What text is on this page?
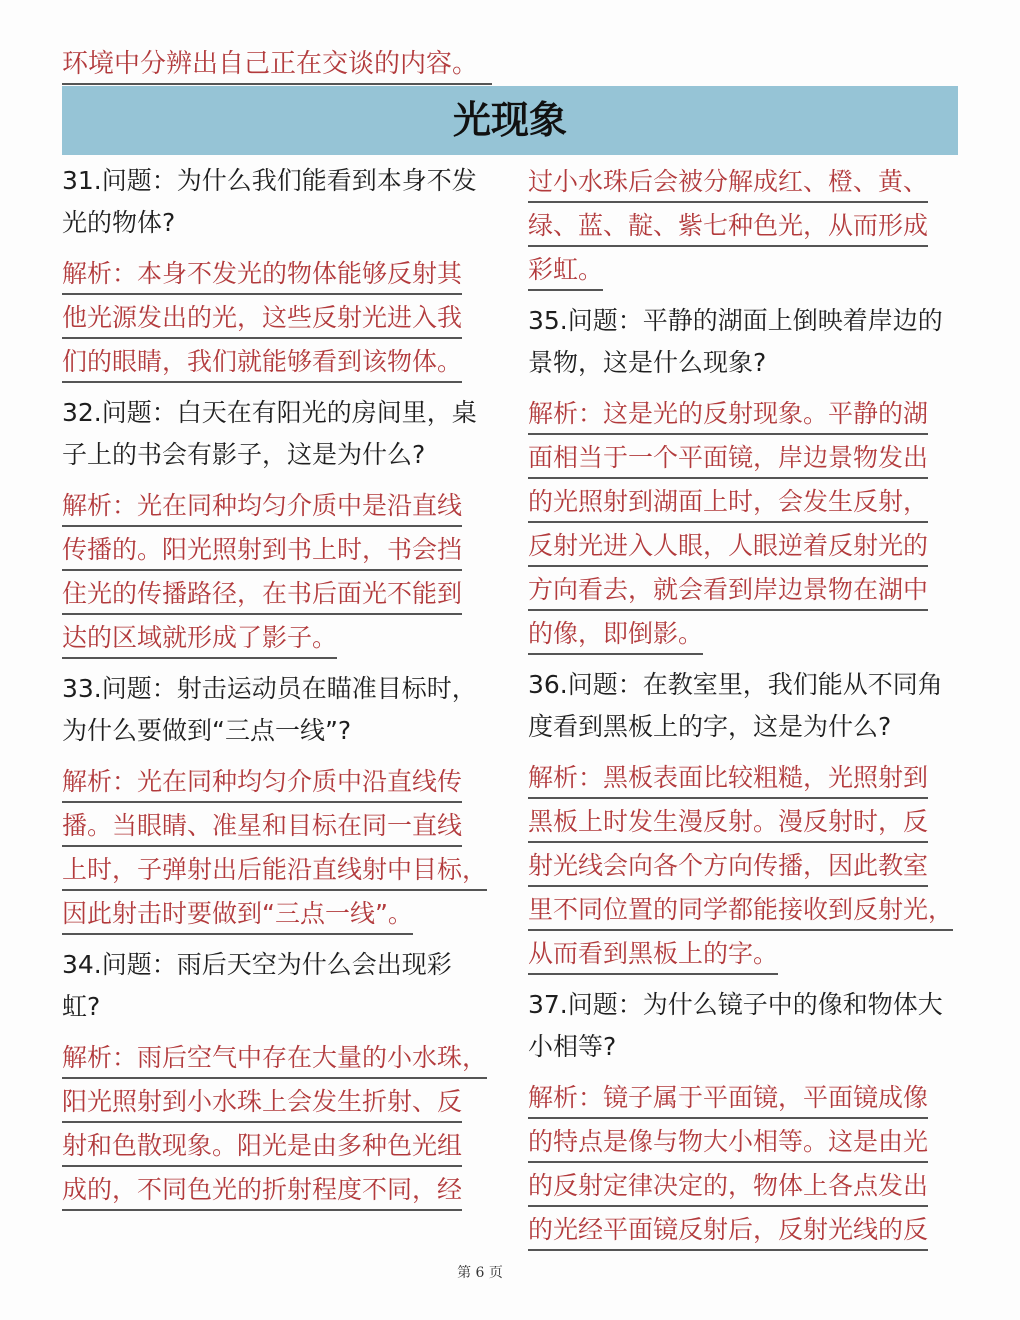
环境中分辨出自己正在交谈的内容。
光现象
31.问题：为什么我们能看到本身不发
光的物体?
解析：本身不发光的物体能够反射其
他光源发出的光，这些反射光进入我
们的眼睛，我们就能够看到该物体。
32.问题：白天在有阳光的房间里，桌
子上的书会有影子，这是为什么?
解析：光在同种均匀介质中是沿直线
传播的。阳光照射到书上时，书会挡
住光的传播路径，在书后面光不能到
达的区域就形成了影子。
33.问题：射击运动员在瞄准目标时，
为什么要做到“三点一线”?
解析：光在同种均匀介质中沿直线传
播。当眼睛、准星和目标在同一直线
上时，子弹射出后能沿直线射中目标，
因此射击时要做到“三点一线”。
34.问题：雨后天空为什么会出现彩
虹?
解析：雨后空气中存在大量的小水珠，
阳光照射到小水珠上会发生折射、反
射和色散现象。阳光是由多种色光组
成的，不同色光的折射程度不同，经
过小水珠后会被分解成红、橙、黄、
绿、蓝、靛、紫七种色光，从而形成
彩虹。
35.问题：平静的湖面上倒映着岸边的
景物，这是什么现象?
解析：这是光的反射现象。平静的湖
面相当于一个平面镜，岸边景物发出
的光照射到湖面上时，会发生反射，
反射光进入人眼，人眼逆着反射光的
方向看去，就会看到岸边景物在湖中
的像，即倒影。
36.问题：在教室里，我们能从不同角
度看到黑板上的字，这是为什么?
解析：黑板表面比较粗糙，光照射到
黑板上时发生漫反射。漫反射时，反
射光线会向各个方向传播，因此教室
里不同位置的同学都能接收到反射光，
从而看到黑板上的字。
37.问题：为什么镜子中的像和物体大
小相等?
解析：镜子属于平面镜，平面镜成像
的特点是像与物大小相等。这是由光
的反射定律决定的，物体上各点发出
的光经平面镜反射后，反射光线的反
第 6 页
